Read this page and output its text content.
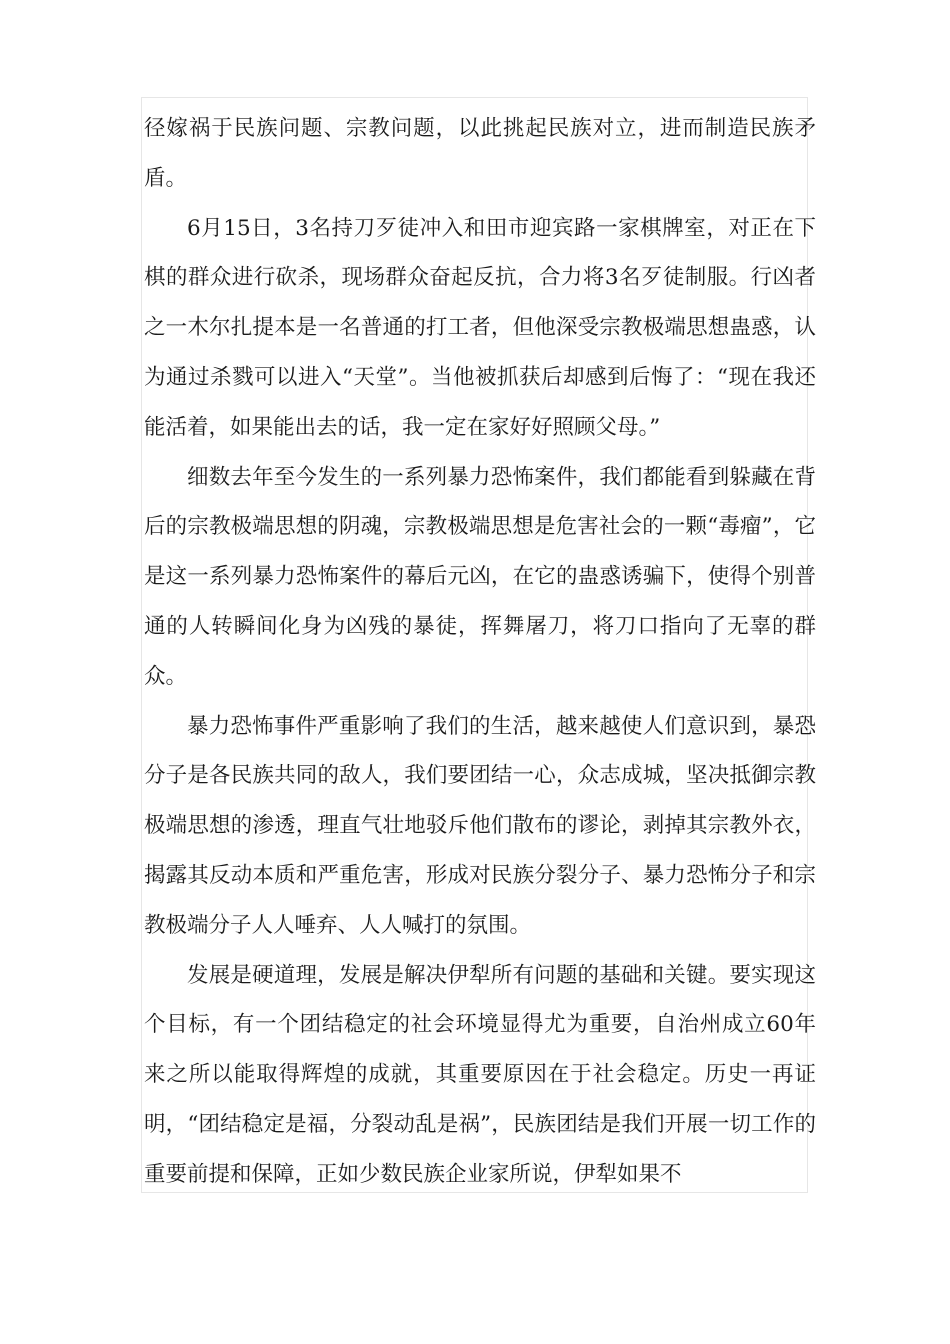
径嫁祸于民族问题、宗教问题，以此挑起民族对立，进而制造民族矛盾。

6月15日，3名持刀歹徒冲入和田市迎宾路一家棋牌室，对正在下棋的群众进行砍杀，现场群众奋起反抗，合力将3名歹徒制服。行凶者之一木尔扎提本是一名普通的打工者，但他深受宗教极端思想蛊惑，认为通过杀戮可以进入“天堂”。当他被抓获后却感到后悔了：“现在我还能活着，如果能出去的话，我一定在家好好照顾父母。”

细数去年至今发生的一系列暴力恐怖案件，我们都能看到躲藏在背后的宗教极端思想的阴魂，宗教极端思想是危害社会的一颗“毒瘤”，它是这一系列暴力恐怖案件的幕后元凶，在它的蛊惑诱骗下，使得个别普通的人转瞬间化身为凶残的暴徒，挥舞屠刀，将刀口指向了无辜的群众。

暴力恐怖事件严重影响了我们的生活，越来越使人们意识到，暴恐分子是各民族共同的敌人，我们要团结一心，众志成城，坚决抵御宗教极端思想的渗透，理直气壮地驳斥他们散布的谬论，剥掉其宗教外衣，揭露其反动本质和严重危害，形成对民族分裂分子、暴力恐怖分子和宗教极端分子人人唾弃、人人喊打的氛围。

发展是硬道理，发展是解决伊犁所有问题的基础和关键。要实现这个目标，有一个团结稳定的社会环境显得尤为重要，自治州成立60年来之所以能取得辉煌的成就，其重要原因在于社会稳定。历史一再证明，“团结稳定是福，分裂动乱是祸”，民族团结是我们开展一切工作的重要前提和保障，正如少数民族企业家所说，伊犁如果不
